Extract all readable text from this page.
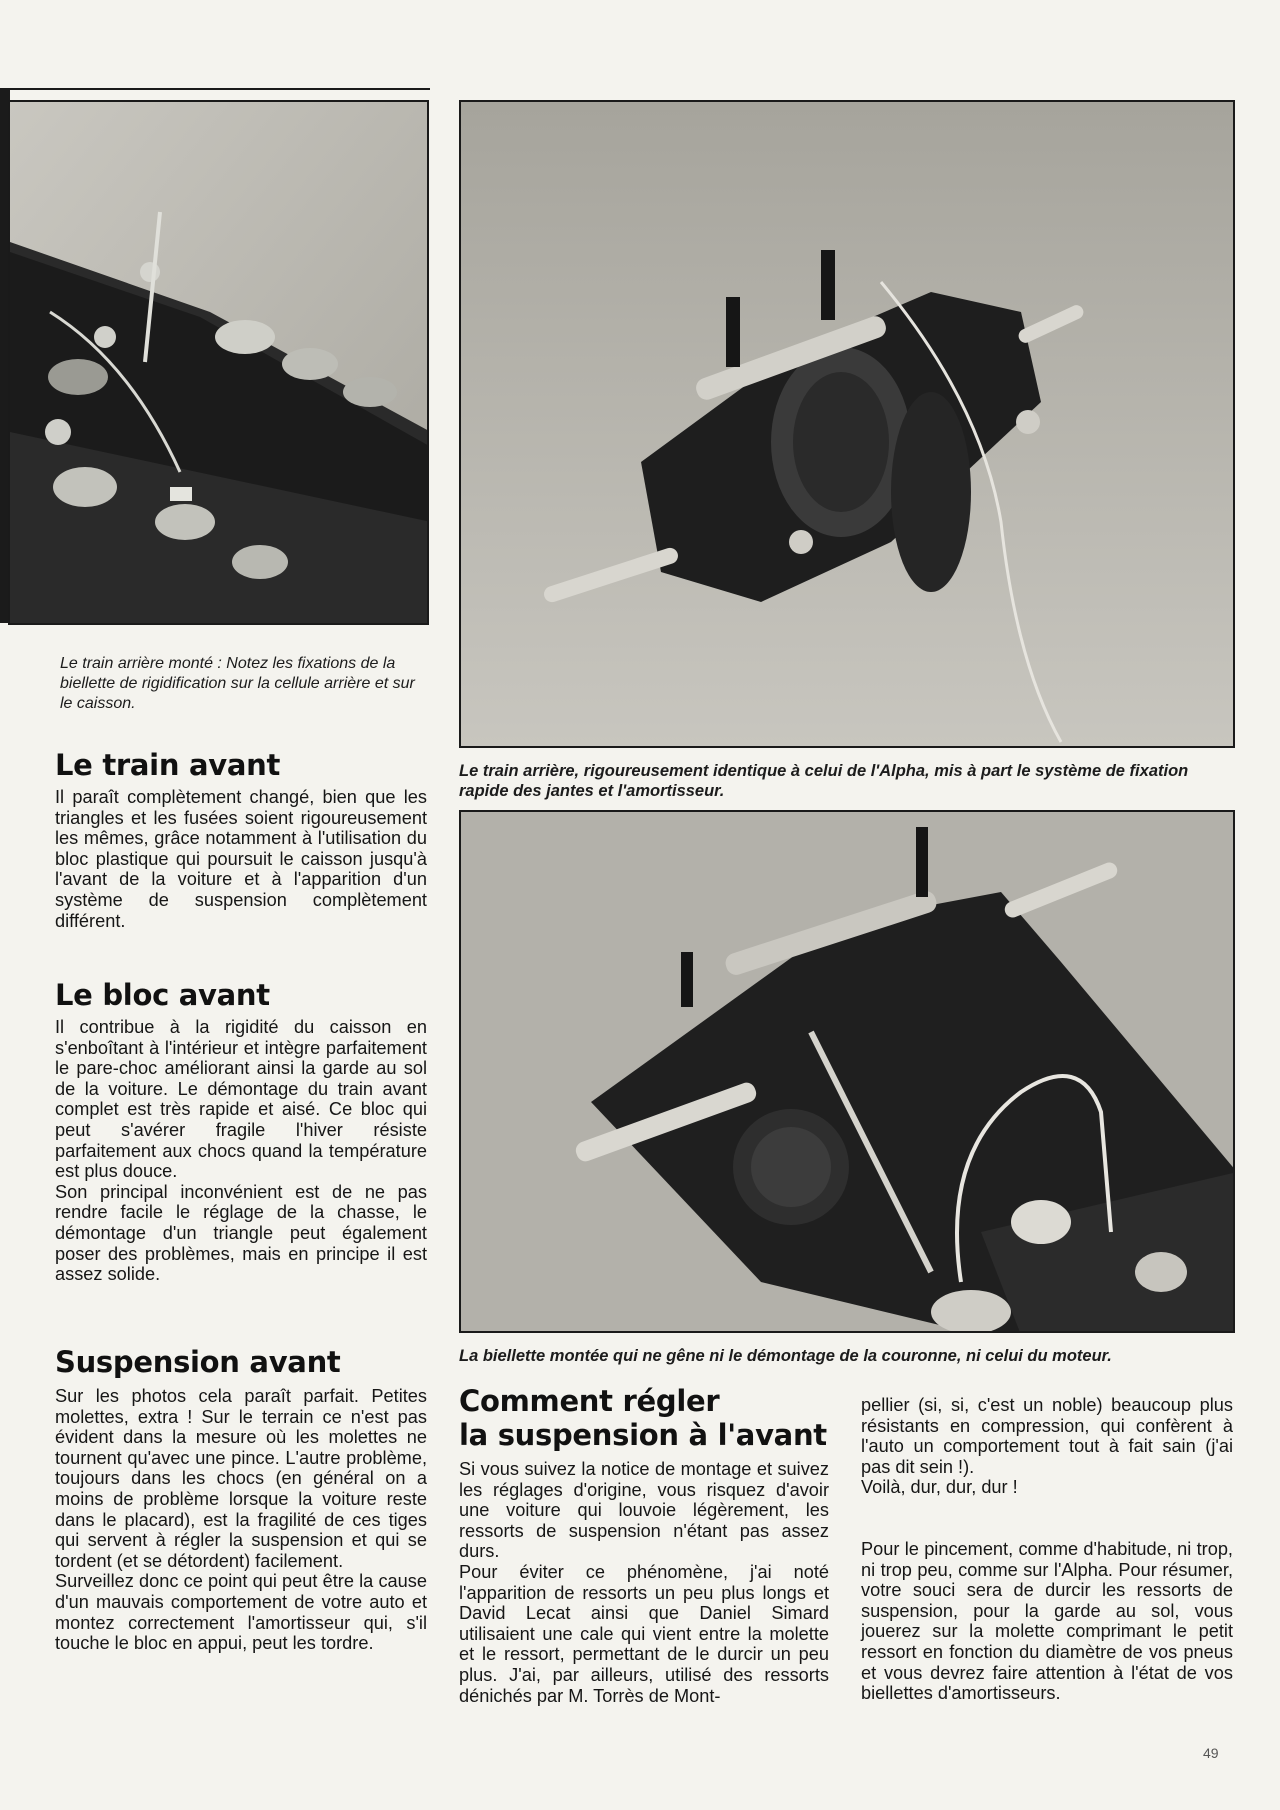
Le train arrière monté : Notez les fixations de la biellette de rigidification sur la cellule arrière et sur le caisson.

Le train arrière, rigoureusement identique à celui de l'Alpha, mis à part le système de fixation rapide des jantes et l'amortisseur.

La biellette montée qui ne gêne ni le démontage de la couronne, ni celui du moteur.

Le train avant

Il paraît complètement changé, bien que les triangles et les fusées soient rigoureusement les mêmes, grâce notamment à l'utilisation du bloc plastique qui poursuit le caisson jusqu'à l'avant de la voiture et à l'apparition d'un système de suspension complètement différent.

Le bloc avant

Il contribue à la rigidité du caisson en s'enboîtant à l'intérieur et intègre parfaitement le pare-choc améliorant ainsi la garde au sol de la voiture. Le démontage du train avant complet est très rapide et aisé. Ce bloc qui peut s'avérer fragile l'hiver résiste parfaitement aux chocs quand la température est plus douce.
Son principal inconvénient est de ne pas rendre facile le réglage de la chasse, le démontage d'un triangle peut également poser des problèmes, mais en principe il est assez solide.

Suspension avant

Sur les photos cela paraît parfait. Petites molettes, extra ! Sur le terrain ce n'est pas évident dans la mesure où les molettes ne tournent qu'avec une pince. L'autre problème, toujours dans les chocs (en général on a moins de problème lorsque la voiture reste dans le placard), est la fragilité de ces tiges qui servent à régler la suspension et qui se tordent (et se détordent) facilement.
Surveillez donc ce point qui peut être la cause d'un mauvais comportement de votre auto et montez correctement l'amortisseur qui, s'il touche le bloc en appui, peut les tordre.

Comment régler
la suspension à l'avant

Si vous suivez la notice de montage et suivez les réglages d'origine, vous risquez d'avoir une voiture qui louvoie légèrement, les ressorts de suspension n'étant pas assez durs.
Pour éviter ce phénomène, j'ai noté l'apparition de ressorts un peu plus longs et David Lecat ainsi que Daniel Simard utilisaient une cale qui vient entre la molette et le ressort, permettant de le durcir un peu plus. J'ai, par ailleurs, utilisé des ressorts dénichés par M. Torrès de Mont-

pellier (si, si, c'est un noble) beaucoup plus résistants en compression, qui confèrent à l'auto un comportement tout à fait sain (j'ai pas dit sein !).
Voilà, dur, dur, dur !

Pour le pincement, comme d'habitude, ni trop, ni trop peu, comme sur l'Alpha. Pour résumer, votre souci sera de durcir les ressorts de suspension, pour la garde au sol, vous jouerez sur la molette comprimant le petit ressort en fonction du diamètre de vos pneus et vous devrez faire attention à l'état de vos biellettes d'amortisseurs.

49
